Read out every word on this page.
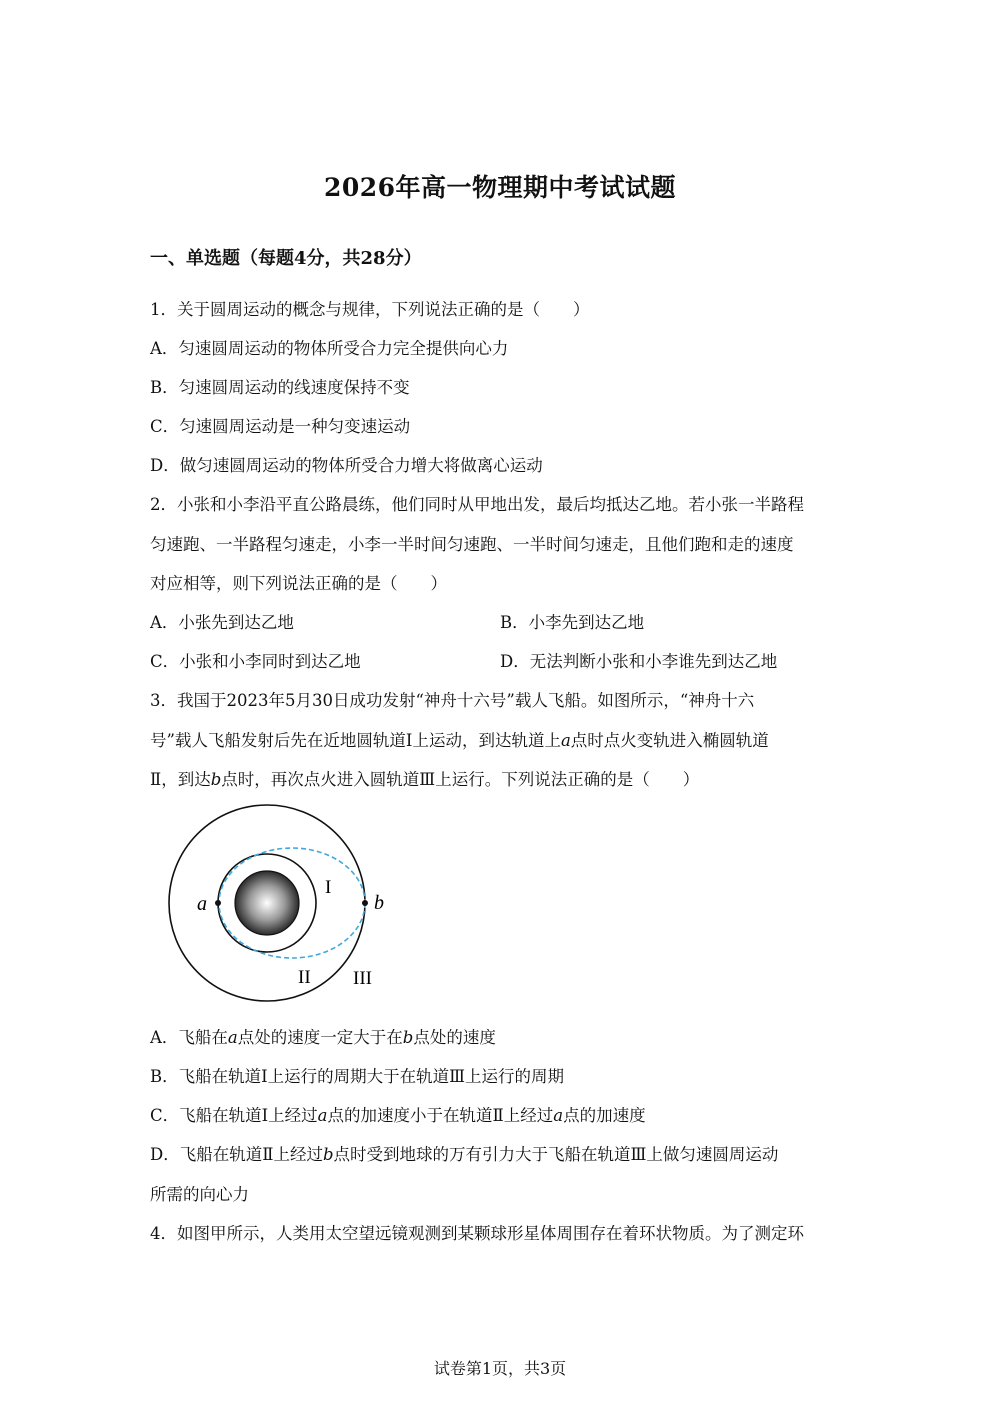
2026年高一物理期中考试试题
一、单选题（每题4分，共28分）
1．关于圆周运动的概念与规律，下列说法正确的是（　　）
A．匀速圆周运动的物体所受合力完全提供向心力
B．匀速圆周运动的线速度保持不变
C．匀速圆周运动是一种匀变速运动
D．做匀速圆周运动的物体所受合力增大将做离心运动
2．小张和小李沿平直公路晨练，他们同时从甲地出发，最后均抵达乙地。若小张一半路程
匀速跑、一半路程匀速走，小李一半时间匀速跑、一半时间匀速走，且他们跑和走的速度
对应相等，则下列说法正确的是（　　）
A．小张先到达乙地	B．小李先到达乙地
C．小张和小李同时到达乙地	D．无法判断小张和小李谁先到达乙地
3．我国于2023年5月30日成功发射“神舟十六号”载人飞船。如图所示，“神舟十六
号”载人飞船发射后先在近地圆轨道Ⅰ上运动，到达轨道上a点时点火变轨进入椭圆轨道
Ⅱ，到达b点时，再次点火进入圆轨道Ⅲ上运行。下列说法正确的是（　　）
a	b
I
II III
A．飞船在a点处的速度一定大于在b点处的速度
B．飞船在轨道Ⅰ上运行的周期大于在轨道Ⅲ上运行的周期
C．飞船在轨道Ⅰ上经过a点的加速度小于在轨道Ⅱ上经过a点的加速度
D．飞船在轨道Ⅱ上经过b点时受到地球的万有引力大于飞船在轨道Ⅲ上做匀速圆周运动
所需的向心力
4．如图甲所示，人类用太空望远镜观测到某颗球形星体周围存在着环状物质。为了测定环
试卷第1页，共3页
